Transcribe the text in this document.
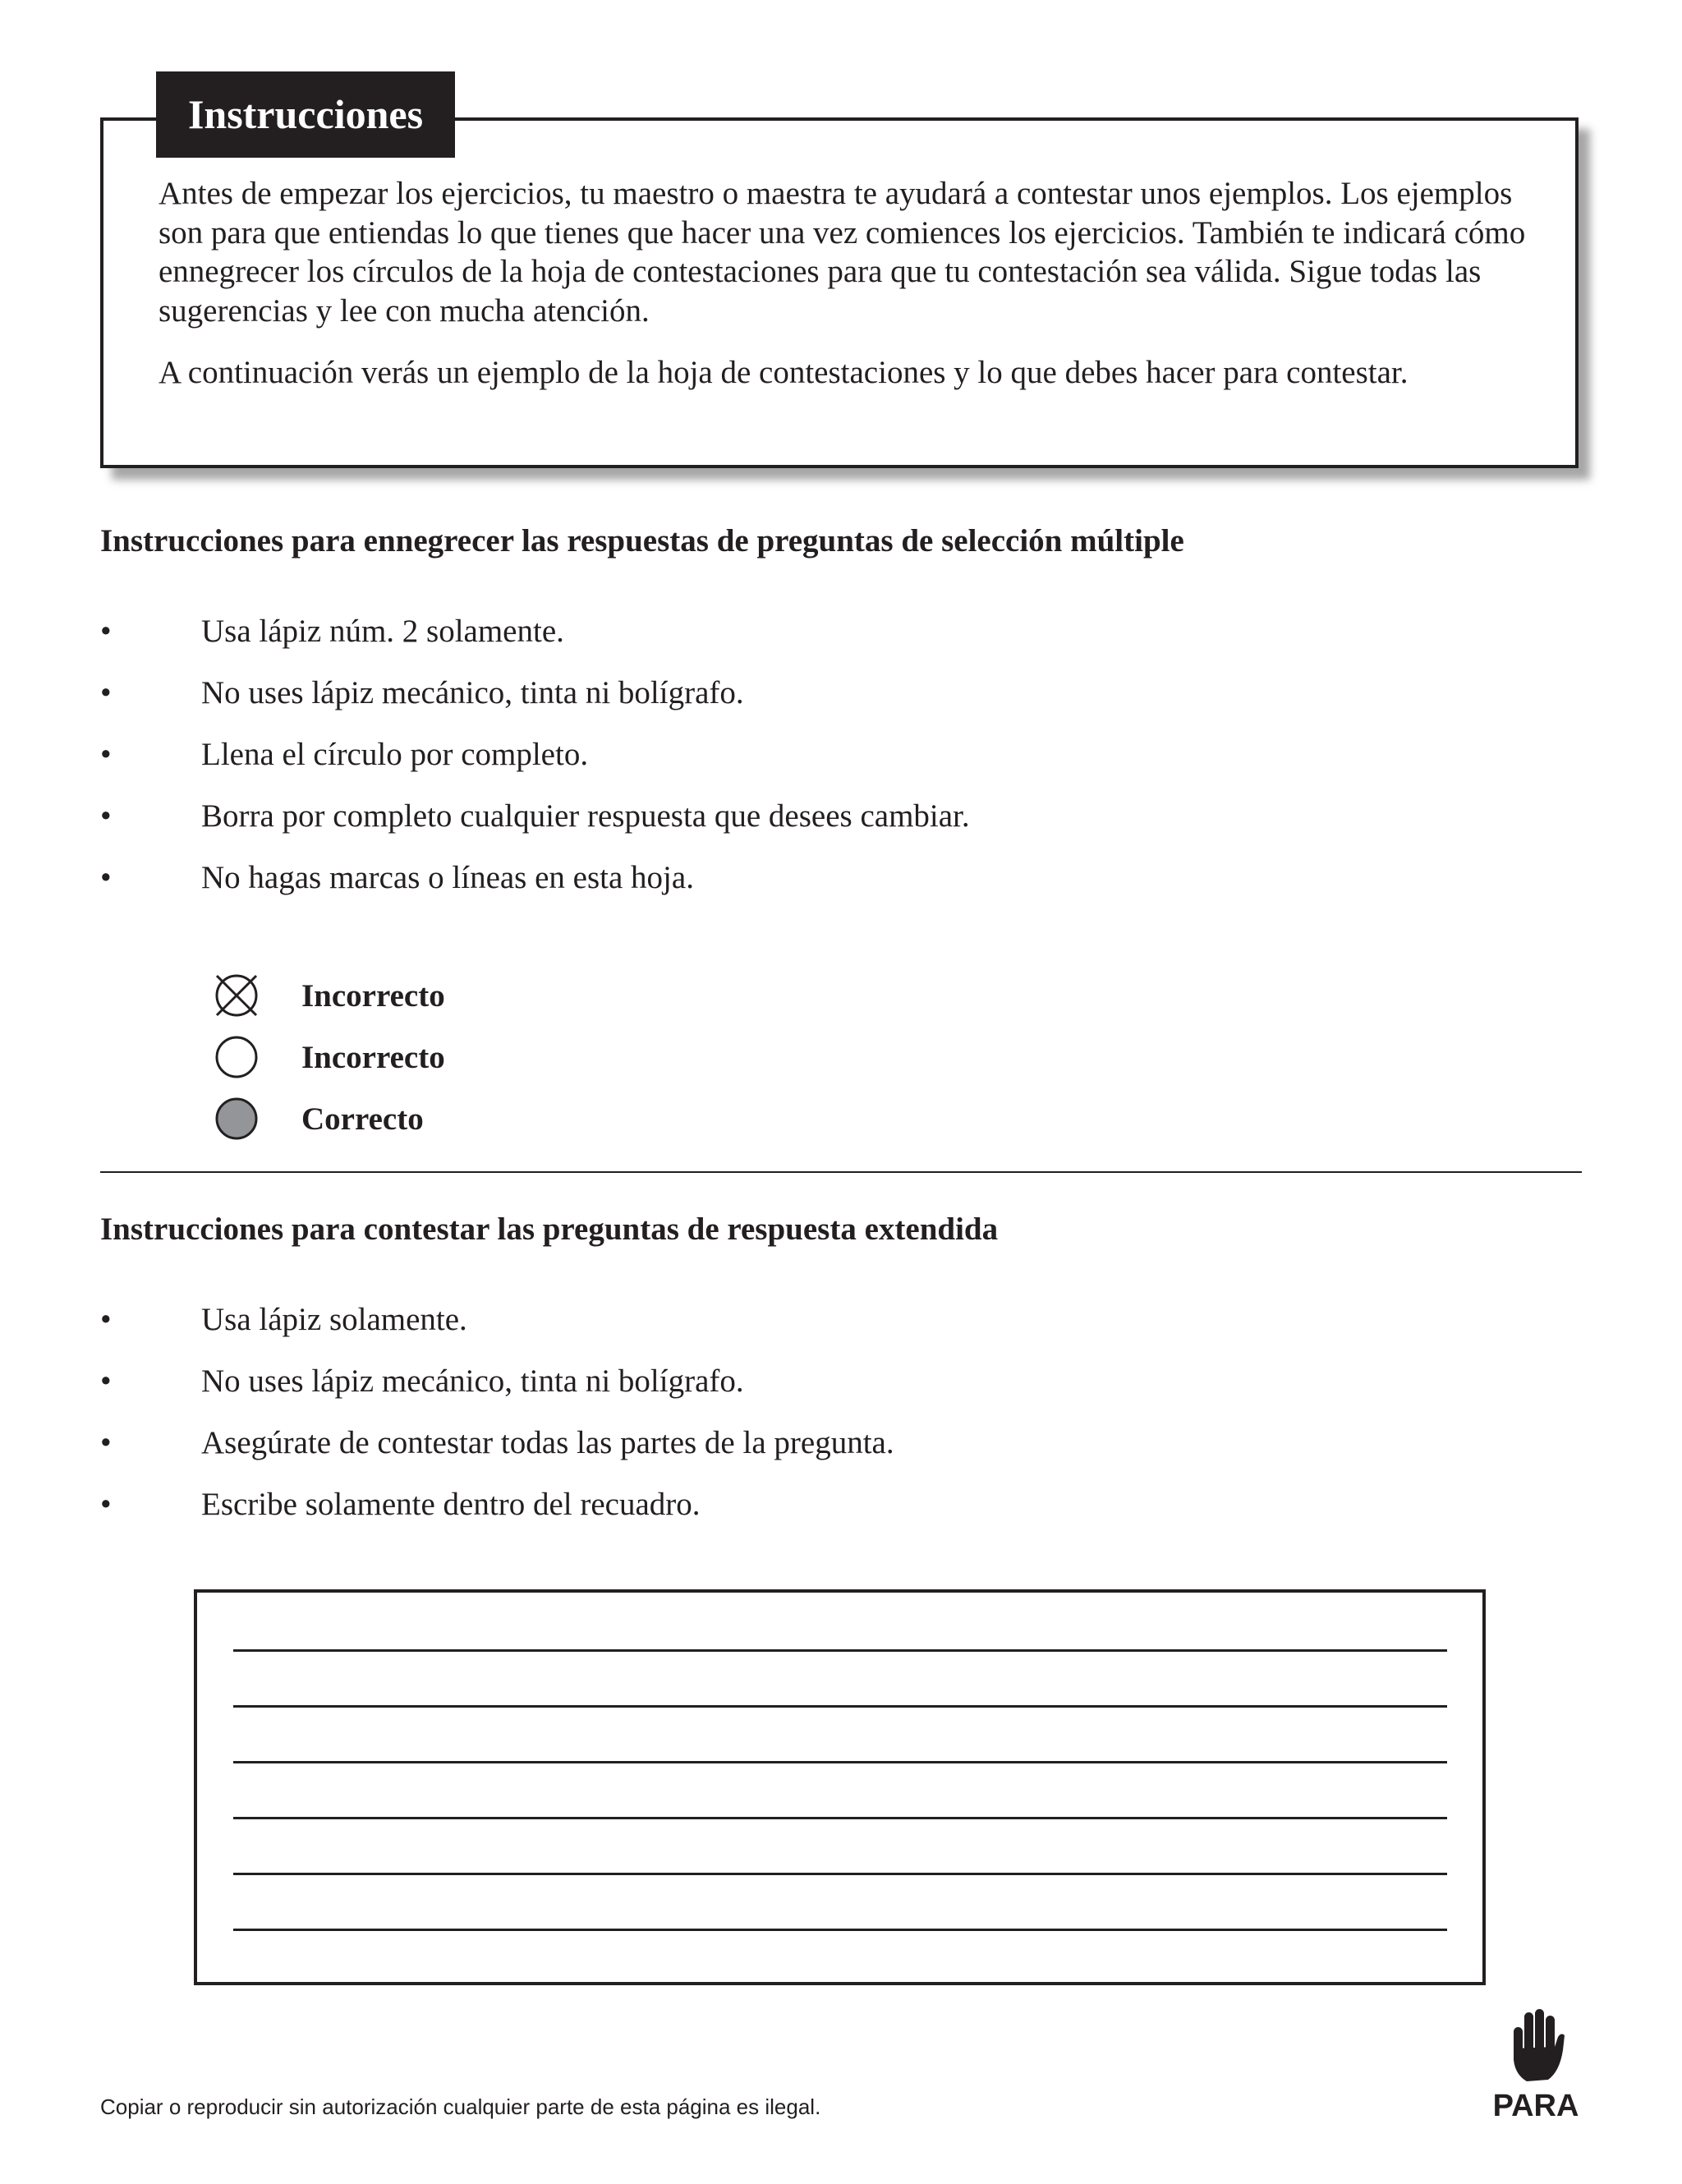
Instrucciones

Antes de empezar los ejercicios, tu maestro o maestra te ayudará a contestar unos ejemplos. Los ejemplos son para que entiendas lo que tienes que hacer una vez comiences los ejercicios. También te indicará cómo ennegrecer los círculos de la hoja de contestaciones para que tu contestación sea válida. Sigue todas las sugerencias y lee con mucha atención.

A continuación verás un ejemplo de la hoja de contestaciones y lo que debes hacer para contestar.

Instrucciones para ennegrecer las respuestas de preguntas de selección múltiple
•	Usa lápiz núm. 2 solamente.
•	No uses lápiz mecánico, tinta ni bolígrafo.
•	Llena el círculo por completo.
•	Borra por completo cualquier respuesta que desees cambiar.
•	No hagas marcas o líneas en esta hoja.
Incorrecto
Incorrecto
Correcto
Instrucciones para contestar las preguntas de respuesta extendida
•	Usa lápiz solamente.
•	No uses lápiz mecánico, tinta ni bolígrafo.
•	Asegúrate de contestar todas las partes de la pregunta.
•	Escribe solamente dentro del recuadro.
Copiar o reproducir sin autorización cualquier parte de esta página es ilegal.	PARA
